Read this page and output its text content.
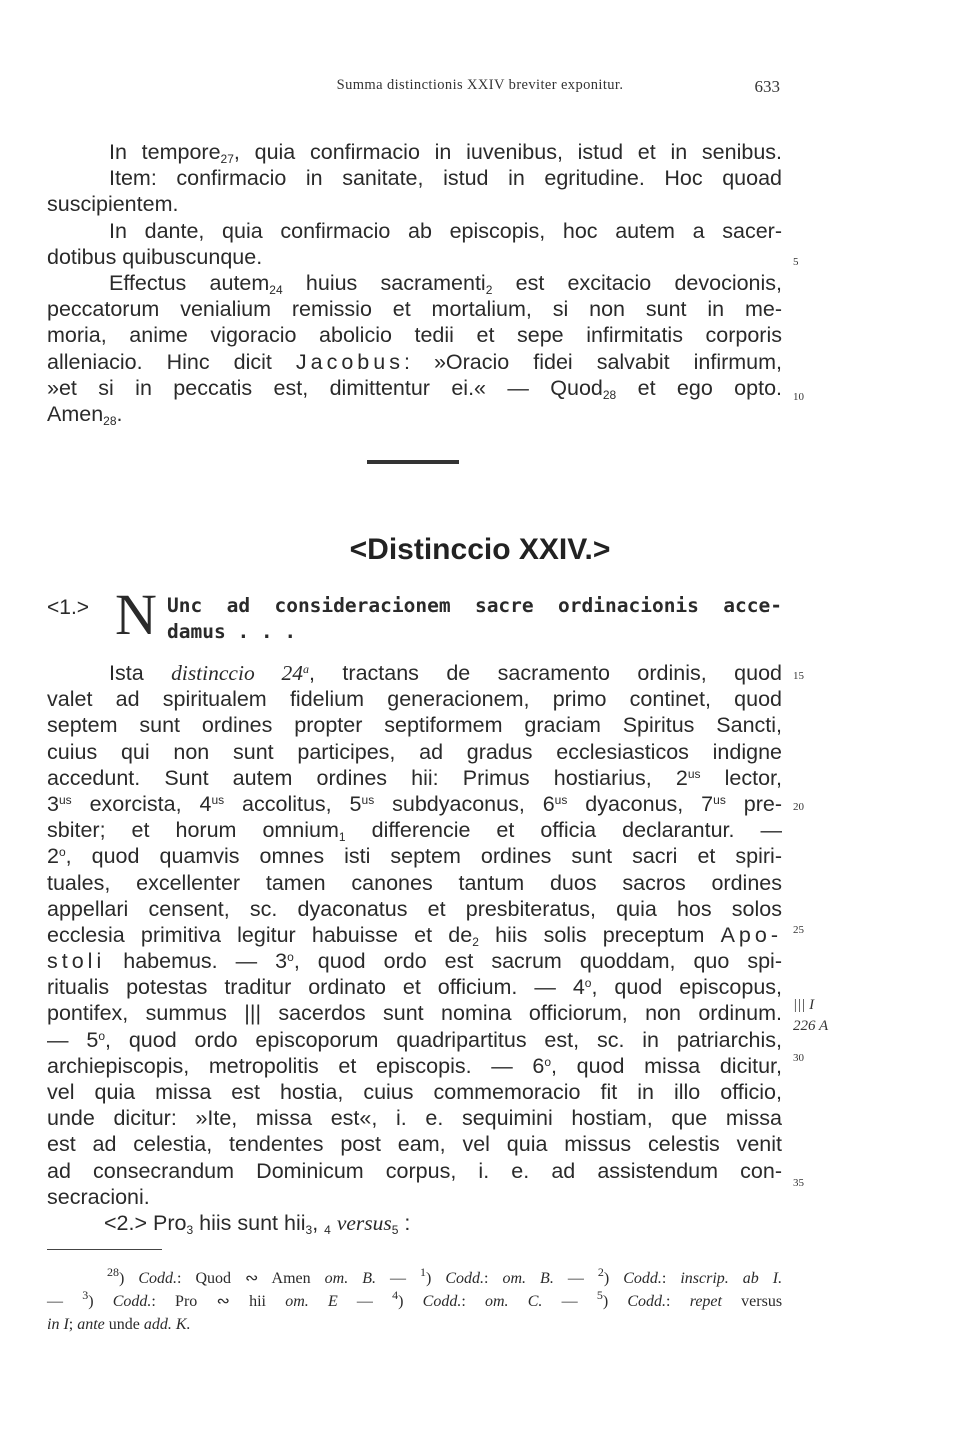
Summa distinctionis XXIV breviter exponitur.	633
In tempore$_{27}$, quia confirmacio in iuvenibus, istud et in senibus.
Item: confirmacio in sanitate, istud in egritudine. Hoc quoad
suscipientem.
In dante, quia confirmacio ab episcopis, hoc autem a sacer-
dotibus quibuscunque.
Effectus autem$_{24}$ huius sacramenti$_2$ est excitacio devocionis,
peccatorum venialium remissio et mortalium, si non sunt in me-
moria, anime vigoracio abolicio tedii et sepe infirmitatis corporis
alleniacio. Hinc dicit Jacobus: »Oracio fidei salvabit infirmum,
»et si in peccatis est, dimittentur ei.« — Quod$_{28}$ et ego opto.
Amen$_{28}$.
5
10
<Distinccio XXIV.>
<1.> N Unc ad consideracionem sacre ordinacionis acce-
damus . . .
Ista distinccio 24$^a$, tractans de sacramento ordinis, quod
valet ad spiritualem fidelium generacionem, primo continet, quod
septem sunt ordines propter septiformem graciam Spiritus Sancti,
cuius qui non sunt participes, ad gradus ecclesiasticos indigne
accedunt. Sunt autem ordines hii: Primus hostiarius, $2^{us}$ lector,
$3^{us}$ exorcista, $4^{us}$ accolitus, $5^{us}$ subdyaconus, $6^{us}$ dyaconus, $7^{us}$ pre-
sbiter; et horum omnium$_1$ differencie et officia declarantur. —
2$^o$, quod quamvis omnes isti septem ordines sunt sacri et spiri-
tuales, excellenter tamen canones tantum duos sacros ordines
appellari censent, sc. dyaconatus et presbiteratus, quia hos solos
ecclesia primitiva legitur habuisse et $de_2$ hiis solis preceptum Apo-
stoli habemus. — 3$^o$, quod ordo est sacrum quoddam, quo spi-
ritualis potestas traditur ordinato et officium. — 4$^o$, quod episcopus,
pontifex, summus ||| sacerdos sunt nomina officiorum, non ordinum.
— 5$^o$, quod ordo episcoporum quadripartitus est, sc. in patriarchis,
archiepiscopis, metropolitis et episcopis. — 6$^o$, quod missa dicitur,
vel quia missa est hostia, cuius commemoracio fit in illo officio,
unde dicitur: »Ite, missa est«, i. e. sequimini hostiam, que missa
est ad celestia, tendentes post eam, vel quia missus celestis venit
ad consecrandum Dominicum corpus, i. e. ad assistendum con-
secracioni.
15
20
25
||| I
226 A
30
35
<2.> Pro$_3$ hiis sunt hii$_3$, $_4$ versus$_5$ :
$^{28}$) Codd.: Quod ∾ Amen om. B. — $^1$) Codd.: om. B. — $^2$) Codd.: inscrip. ab I.
— $^3$) Codd.: Pro ∾ hii om. E — $^4$) Codd.: om. C. — $^5$) Codd.: repet versus
in I; ante unde add. K.
